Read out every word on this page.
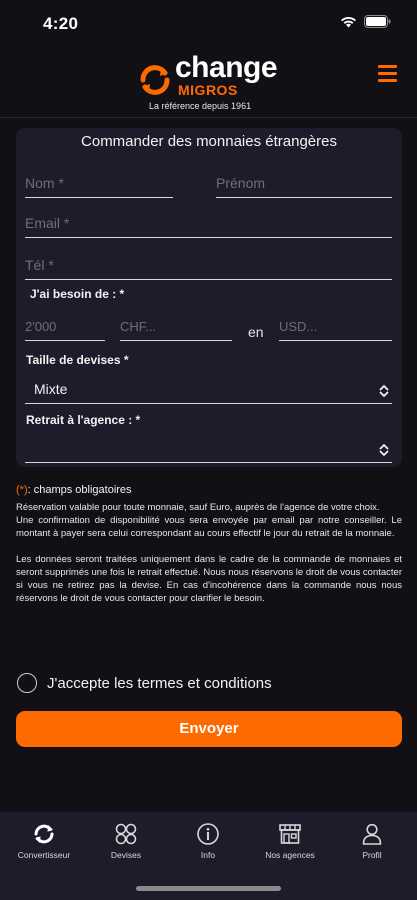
4:20
change
MIGROS
La référence depuis 1961
Commander des monnaies étrangères
Nom *	Prénom
Email *
Tél *
J'ai besoin de : *
2'000	CHF...	en USD...
Taille de devises *
Mixte
Retrait à l'agence : *
(*): champs obligatoires

Réservation valable pour toute monnaie, sauf Euro, auprès de l'agence de votre choix.

Une confirmation de disponibilité vous sera envoyée par email par notre conseiller. Le montant à payer sera celui correspondant au cours effectif le jour du retrait de la monnaie.

Les données seront traitées uniquement dans le cadre de la commande de monnaies et seront supprimés une fois le retrait effectué. Nous nous réservons le droit de vous contacter si vous ne retirez pas la devise. En cas d'incohérence dans la commande nous nous réservons le droit de vous contacter pour clarifier le besoin.

J'accepte les termes et conditions
Envoyer
Convertisseur	Devises	Info	Nos agences	Profil
